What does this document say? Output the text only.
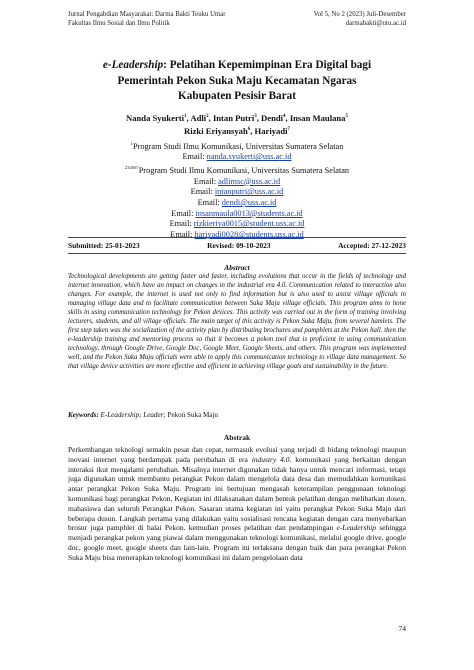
Jurnal Pengabdian Masyarakat: Darma Bakti Teuku Umar
Fakultas Ilmu Sosial dan Ilmu Politik
Vol 5, No 2 (2023) Juli-Desember
darmabakti@utu.ac.id
e-Leadership: Pelatihan Kepemimpinan Era Digital bagi
Pemerintah Pekon Suka Maju Kecamatan Ngaras
Kabupaten Pesisir Barat
Nanda Syukerti$^1$, Adli$^2$, Intan Putri$^3$, Dendi$^4$, Insan Maulana$^5$
Rizki Eriyansyah$^6$, Hariyadi$^7$
$^1$Program Studi Ilmu Komunikasi, Universitas Sumatera Selatan
Email: nanda.syukerti@uss.ac.id
$^{234567}$Program Studi Ilmu Komunikasi, Universitas Sumatera Selatan
Email: adlimsc@uss.ac.id
Email: intanputri@uss.ac.id
Email: dendi@uss.ac.id
Email: insanmaula0013@students.ac.id
Email: rizkieriya0015@student.uss.ac.id
Email: hariyadi0028@students.uss.ac.id
Submitted: 25-01-2023	Revised: 09-10-2023	Accepted: 27-12-2023
Abstract

Technological developments are getting faster and faster, including evolutions that occur in the fields of technology and internet innovation, which have an impact on changes in the industrial era 4.0. Communication related to interaction also changes. For example, the internet is used not only to find information but is also used to assist village officials in managing village data and to facilitate communication between Suka Maju village officials. This program aims to hone skills in using communication technology for Pekon devices. This activity was carried out in the form of training involving lecturers, students, and all village officials. The main target of this activity is Pekon Suka Maju, from several hamlets. The first step taken was the socialization of the activity plan by distributing brochures and pamphlets at the Pekon hall. then the e-leadership training and mentoring process so that it becomes a pekon tool that is proficient in using communication technology, through Google Drive, Google Doc, Google Meet, Google Sheets, and others. This program was implemented well, and the Pekon Suka Maju officials were able to apply this communication technology to village data management. So that village device activities are more effective and efficient in achieving village goals and sustainability in the future.

Keywords: E-Leadership; Leader; Pekon Suka Maju
Abstrak

Perkembangan teknologi semakin pesat dan cepat, termasuk evolusi yang terjadi di bidang teknologi maupun inovasi internet yang berdampak pada perubahan di era industry 4.0. komunikasi yang berkaitan dengan interaksi ikut mengalami perubahan. Misalnya internet digunakan tidak hanya untuk mencari informasi, tetapi juga digunakan untuk membantu perangkat Pekon dalam mengelola data desa dan memudahkan komunikasi antar perangkat Pekon Suka Maju. Program ini bertujuan mengasah keterampilan penggunaan teknologi komunikasi bagi perangkat Pekon. Kegiatan ini dilaksanakan dalam bentuk pelatihan dengan melibatkan dosen, mahasiswa dan seluruh Perangkat Pekon. Sasaran utama kegiatan ini yaitu perangkat Pekon Suka Maju dari beberapa dusun. Langkah pertama yang dilakukan yaitu sosialisasi rencana kegiatan dengan cara menyebarkan brosur juga pamphlet di balai Pekon. kemudian proses pelatihan dan pendampingan e-Leadership sehingga menjadi perangkat pekon yang piawai dalam menggunakan teknologi komunikasi, melalui google drive, google doc, google meet, google sheets dan lain-lain. Program ini terlaksana dengan baik dan para perangkat Pekon Suka Maju bisa menerapkan teknologi komunikasi ini dalam pengelolaan data

74
